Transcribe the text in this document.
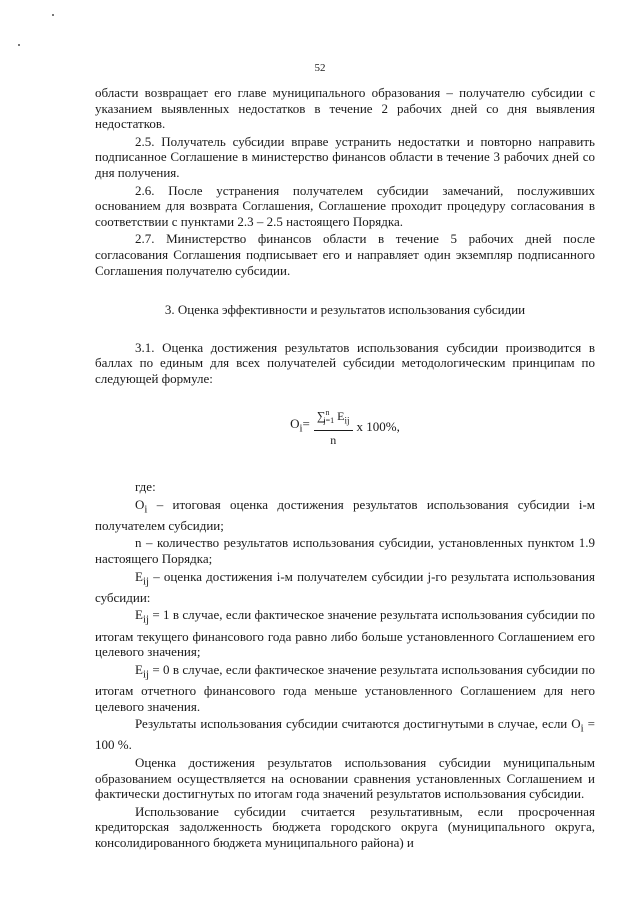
52

области возвращает его главе муниципального образования – получателю субсидии с указанием выявленных недостатков в течение 2 рабочих дней со дня выявления недостатков.

2.5. Получатель субсидии вправе устранить недостатки и повторно направить подписанное Соглашение в министерство финансов области в течение 3 рабочих дней со дня получения.

2.6. После устранения получателем субсидии замечаний, послуживших основанием для возврата Соглашения, Соглашение проходит процедуру согласования в соответствии с пунктами 2.3 – 2.5 настоящего Порядка.

2.7. Министерство финансов области в течение 5 рабочих дней после согласования Соглашения подписывает его и направляет один экземпляр подписанного Соглашения получателю субсидии.

3. Оценка эффективности и результатов использования субсидии

3.1. Оценка достижения результатов использования субсидии производится в баллах по единым для всех получателей субсидии методологическим принципам по следующей формуле:

$O_i= \frac{\sum^n_{j=1} E_{ij}}{n}$ x 100%,

где:

$O_i$ – итоговая оценка достижения результатов использования субсидии i-м получателем субсидии;

n – количество результатов использования субсидии, установленных пунктом 1.9 настоящего Порядка;

$E_{ij}$ – оценка достижения i-м получателем субсидии j-го результата использования субсидии:

$E_{ij} = 1$ в случае, если фактическое значение результата использования субсидии по итогам текущего финансового года равно либо больше установленного Соглашением его целевого значения;

$E_{ij} = 0$ в случае, если фактическое значение результата использования субсидии по итогам отчетного финансового года меньше установленного Соглашением для него целевого значения.

Результаты использования субсидии считаются достигнутыми в случае, если $O_i = 100$ %.

Оценка достижения результатов использования субсидии муниципальным образованием осуществляется на основании сравнения установленных Соглашением и фактически достигнутых по итогам года значений результатов использования субсидии.

Использование субсидии считается результативным, если просроченная кредиторская задолженность бюджета городского округа (муниципального округа, консолидированного бюджета муниципального района) и
